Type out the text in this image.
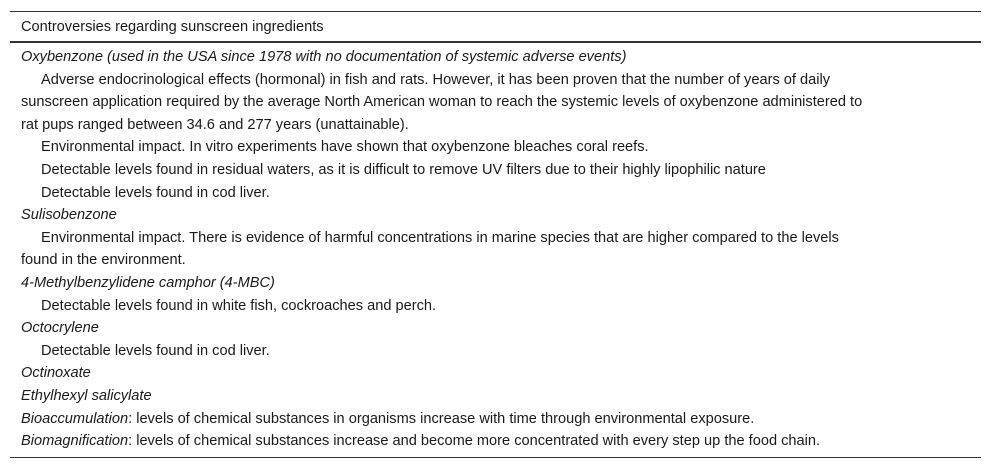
Controversies regarding sunscreen ingredients
Oxybenzone (used in the USA since 1978 with no documentation of systemic adverse events)
Adverse endocrinological effects (hormonal) in fish and rats. However, it has been proven that the number of years of daily
sunscreen application required by the average North American woman to reach the systemic levels of oxybenzone administered to
rat pups ranged between 34.6 and 277 years (unattainable).
Environmental impact. In vitro experiments have shown that oxybenzone bleaches coral reefs.
Detectable levels found in residual waters, as it is difficult to remove UV filters due to their highly lipophilic nature
Detectable levels found in cod liver.
Sulisobenzone
Environmental impact. There is evidence of harmful concentrations in marine species that are higher compared to the levels
found in the environment.
4-Methylbenzylidene camphor (4-MBC)
Detectable levels found in white fish, cockroaches and perch.
Octocrylene
Detectable levels found in cod liver.
Octinoxate
Ethylhexyl salicylate
Bioaccumulation: levels of chemical substances in organisms increase with time through environmental exposure.
Biomagnification: levels of chemical substances increase and become more concentrated with every step up the food chain.
